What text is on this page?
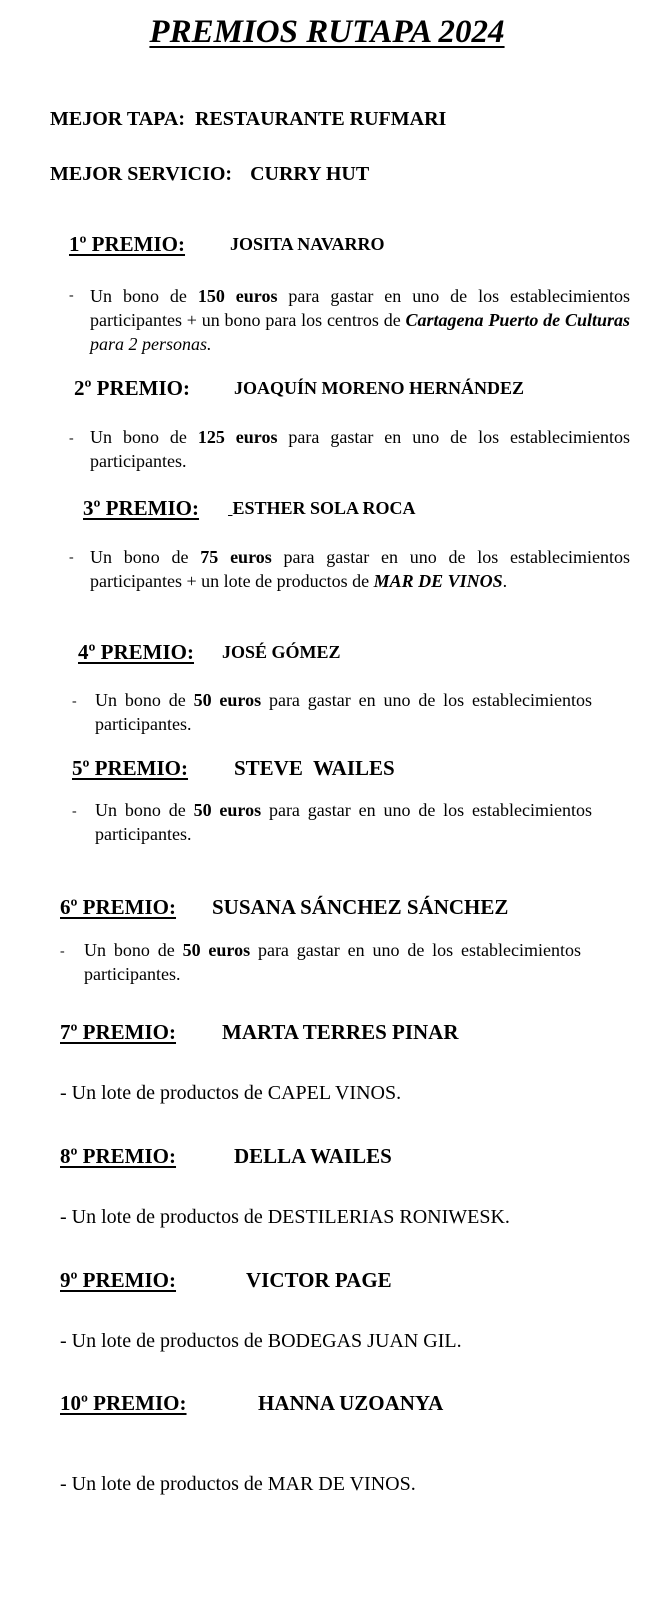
PREMIOS RUTAPA 2024
MEJOR TAPA: RESTAURANTE RUFMARI
MEJOR SERVICIO: CURRY HUT
1º PREMIO: JOSITA NAVARRO
- Un bono de 150 euros para gastar en uno de los establecimientos participantes + un bono para los centros de Cartagena Puerto de Culturas para 2 personas.
2º PREMIO: JOAQUÍN MORENO HERNÁNDEZ
- Un bono de 125 euros para gastar en uno de los establecimientos participantes.
3º PREMIO: ESTHER SOLA ROCA
- Un bono de 75 euros para gastar en uno de los establecimientos participantes + un lote de productos de MAR DE VINOS.
4º PREMIO: JOSÉ GÓMEZ
- Un bono de 50 euros para gastar en uno de los establecimientos participantes.
5º PREMIO: STEVE  WAILES
- Un bono de 50 euros para gastar en uno de los establecimientos participantes.
6º PREMIO: SUSANA SÁNCHEZ SÁNCHEZ
- Un bono de 50 euros para gastar en uno de los establecimientos participantes.
7º PREMIO: MARTA TERRES PINAR
- Un lote de productos de CAPEL VINOS.
8º PREMIO:	DELLA WAILES
- Un lote de productos de DESTILERIAS RONIWESK.
9º PREMIO:	VICTOR PAGE
- Un lote de productos de BODEGAS JUAN GIL.
10º PREMIO:	HANNA UZOANYA
- Un lote de productos de MAR DE VINOS.
